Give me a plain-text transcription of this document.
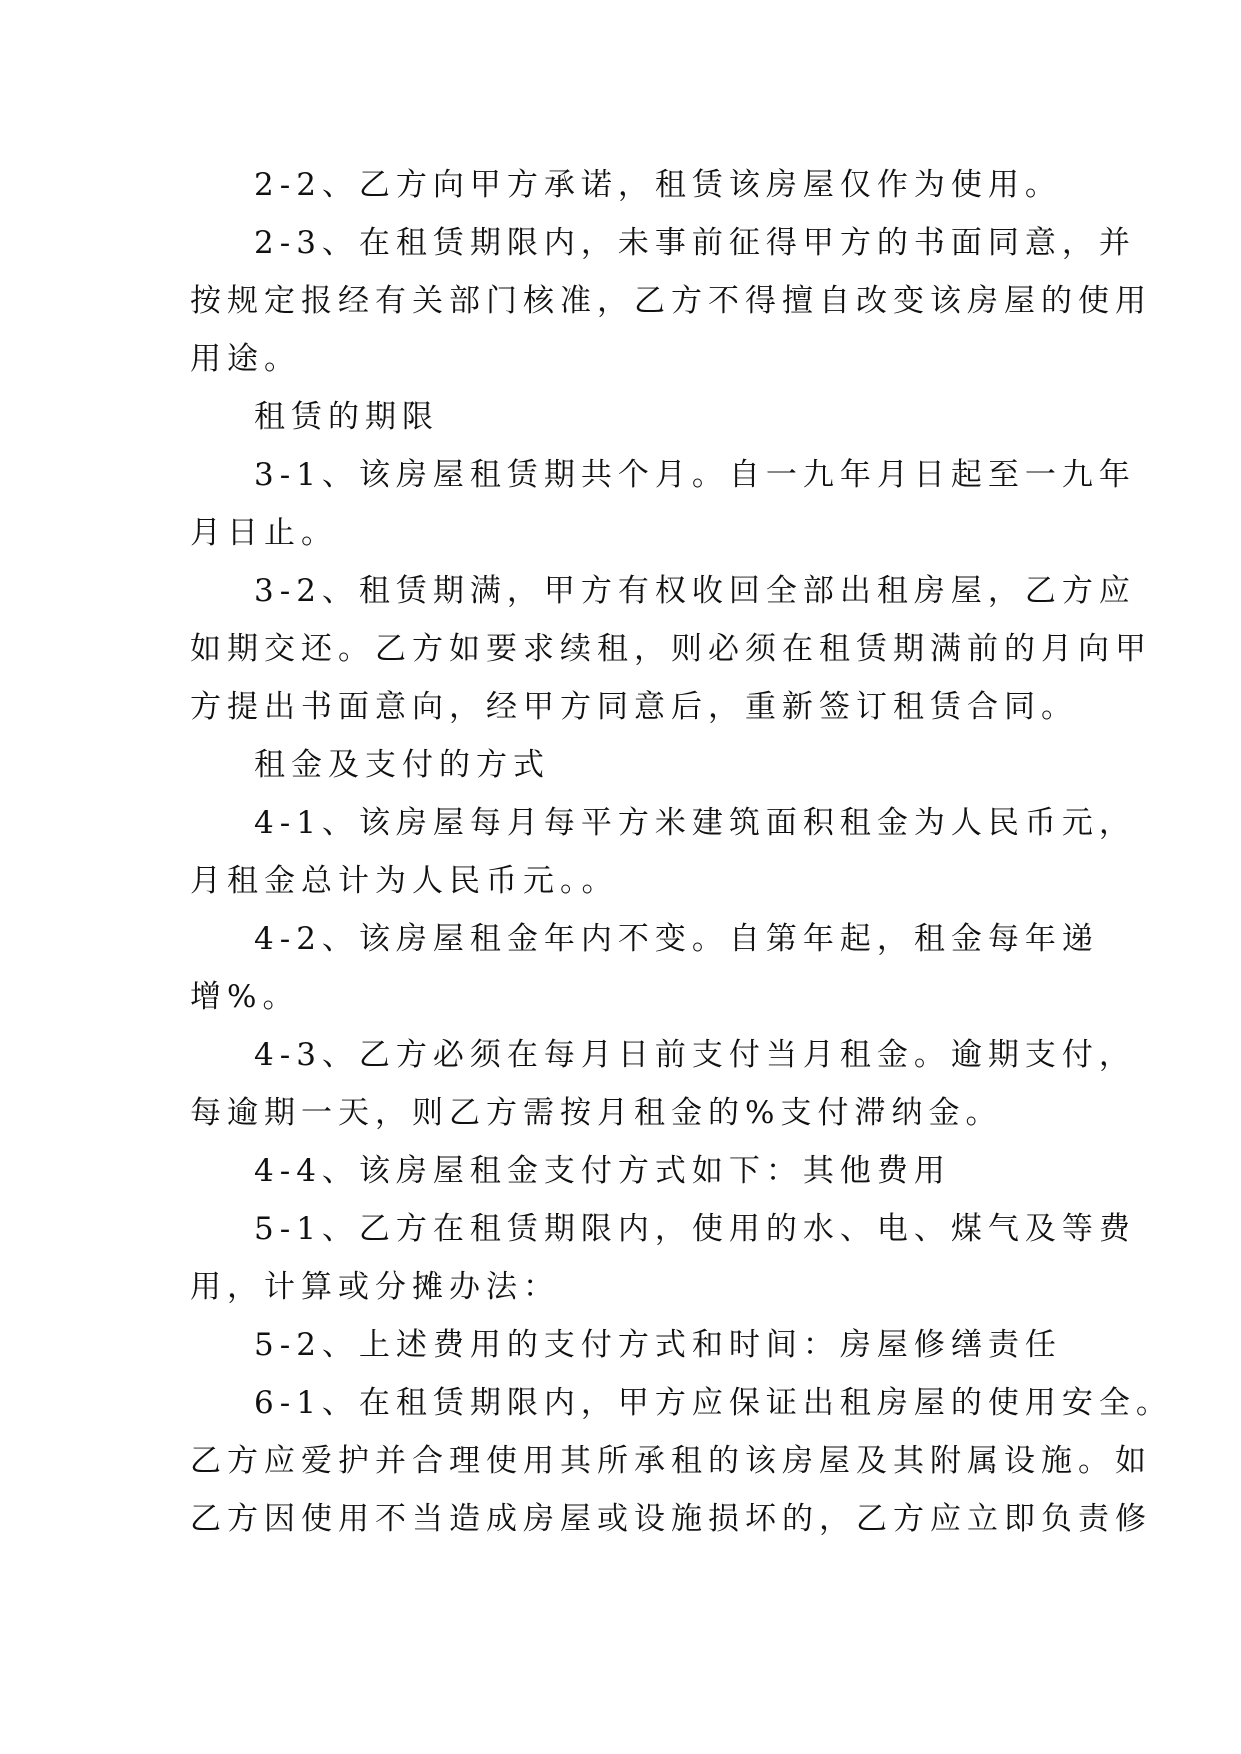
2-2、乙方向甲方承诺，租赁该房屋仅作为使用。

2-3、在租赁期限内，未事前征得甲方的书面同意，并

按规定报经有关部门核准，乙方不得擅自改变该房屋的使用

用途。

租赁的期限

3-1、该房屋租赁期共个月。自一九年月日起至一九年

月日止。

3-2、租赁期满，甲方有权收回全部出租房屋，乙方应

如期交还。乙方如要求续租，则必须在租赁期满前的月向甲

方提出书面意向，经甲方同意后，重新签订租赁合同。

租金及支付的方式

4-1、该房屋每月每平方米建筑面积租金为人民币元，

月租金总计为人民币元。。

4-2、该房屋租金年内不变。自第年起，租金每年递

增%。

4-3、乙方必须在每月日前支付当月租金。逾期支付，

每逾期一天，则乙方需按月租金的%支付滞纳金。

4-4、该房屋租金支付方式如下：其他费用

5-1、乙方在租赁期限内，使用的水、电、煤气及等费

用，计算或分摊办法：

5-2、上述费用的支付方式和时间：房屋修缮责任

6-1、在租赁期限内，甲方应保证出租房屋的使用安全。

乙方应爱护并合理使用其所承租的该房屋及其附属设施。如

乙方因使用不当造成房屋或设施损坏的，乙方应立即负责修
